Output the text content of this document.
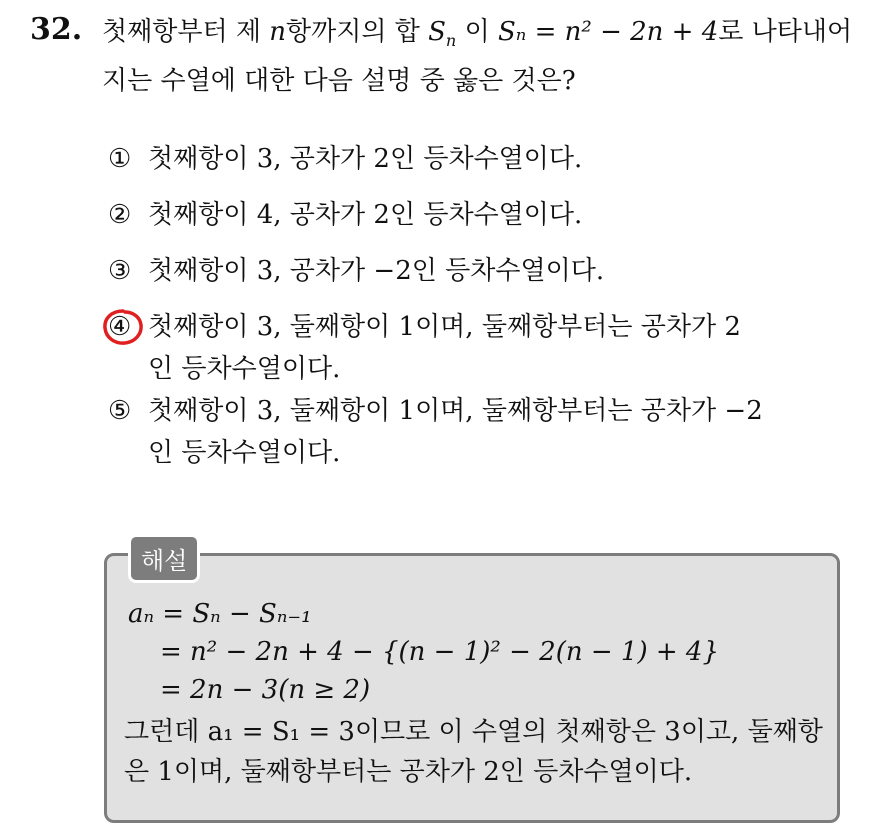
32. 첫째항부터 제 n항까지의 합 $S_n$ 이 Sₙ = n² − 2n + 4로 나타내어지는 수열에 대한 다음 설명 중 옳은 것은?
① 첫째항이 3, 공차가 2인 등차수열이다.
② 첫째항이 4, 공차가 2인 등차수열이다.
③ 첫째항이 3, 공차가 −2인 등차수열이다.
④ 첫째항이 3, 둘째항이 1이며, 둘째항부터는 공차가 2인 등차수열이다.
⑤ 첫째항이 3, 둘째항이 1이며, 둘째항부터는 공차가 −2인 등차수열이다.
해설
aₙ = Sₙ − Sₙ₋₁
= n² − 2n + 4 − {(n − 1)² − 2(n − 1) + 4}
= 2n − 3(n ≥ 2)
그런데 a₁ = S₁ = 3이므로 이 수열의 첫째항은 3이고, 둘째항은 1이며, 둘째항부터는 공차가 2인 등차수열이다.
